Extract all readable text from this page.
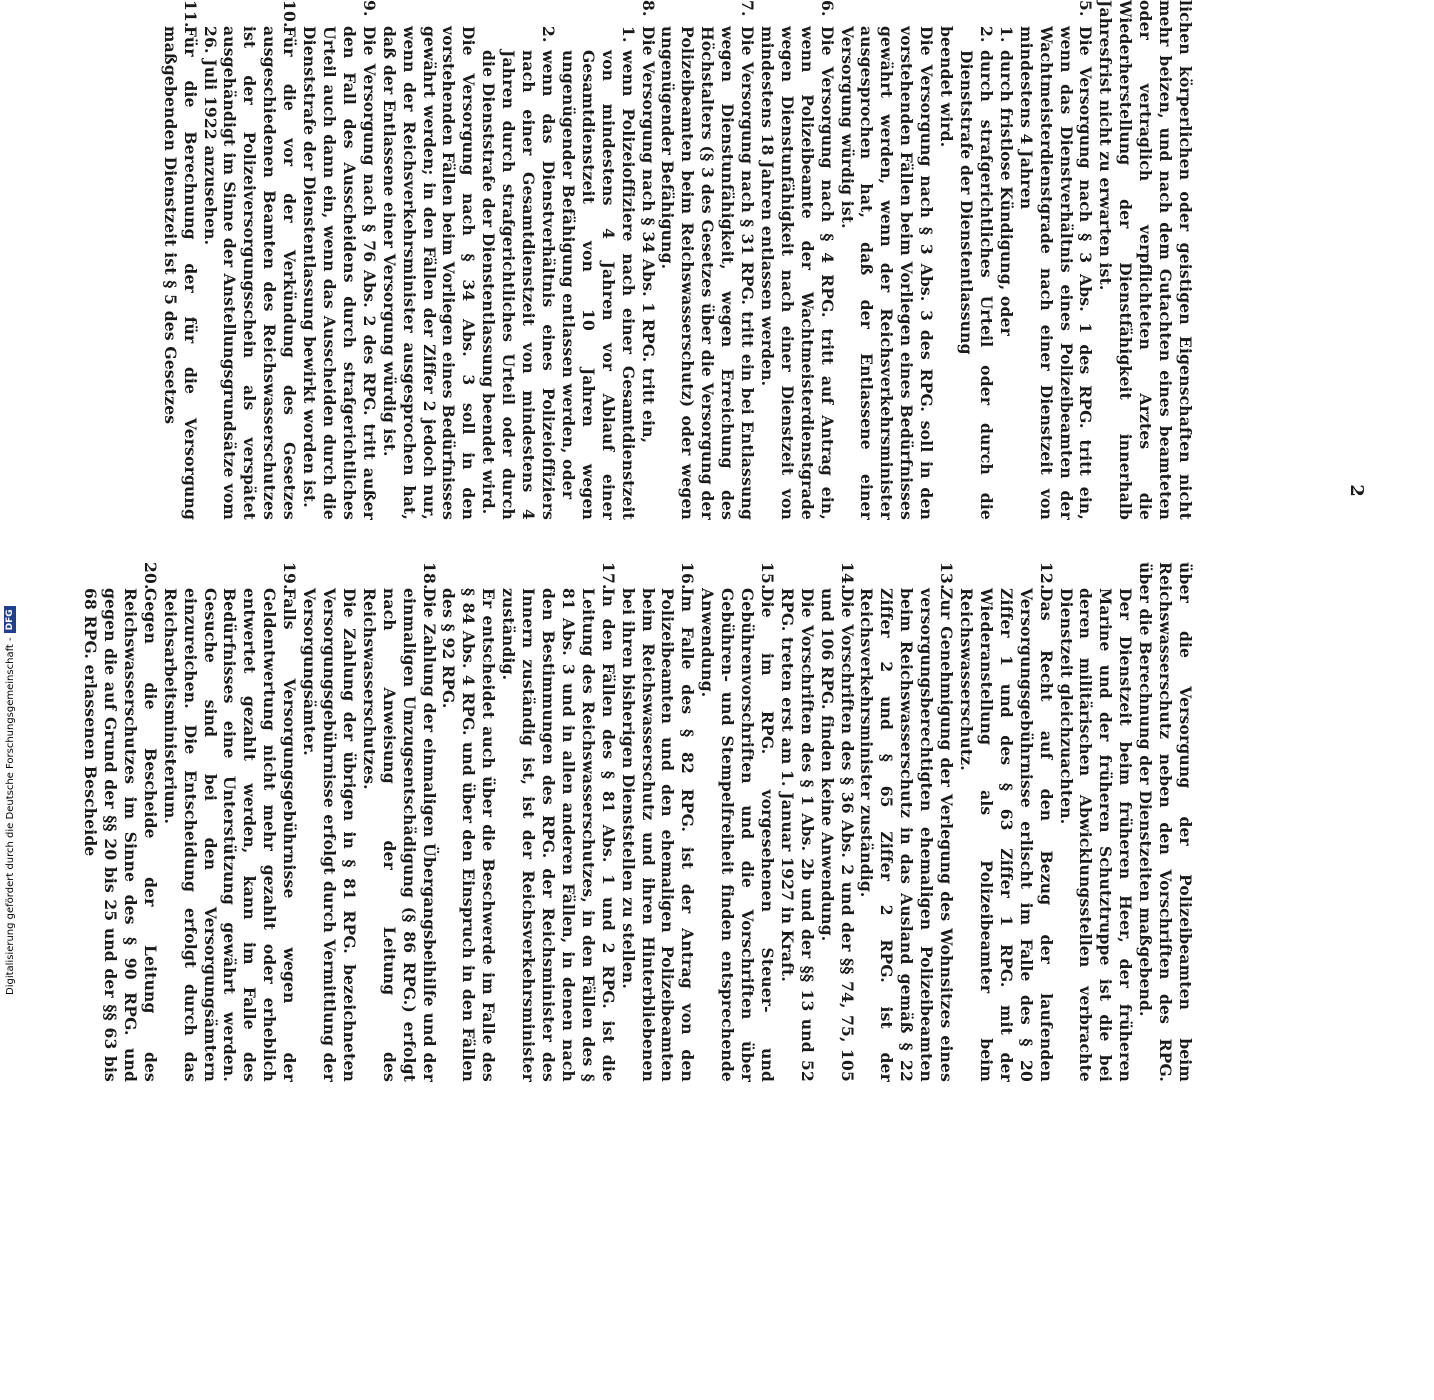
lichen körperlichen oder geistigen Eigenschaften nicht mehr beizen, und nach dem Gutachten eines beamteten oder vertraglich verpflichteten Arztes die Wiederherstellung der Dienstfähigkeit innerhalb Jahresfrist nicht zu erwarten ist.

5.
Die Versorgung nach § 3 Abs. 1 des RPG. tritt ein, wenn das Dienstverhältnis eines Polizeibeamten der Wachtmeisterdienstgrade nach einer Dienstzeit von mindestens 4 Jahren
1.
durch fristlose Kündigung, oder
2.
durch strafgerichtliches Urteil oder durch die Dienststrafe der Dienstentlassung

beendet wird.

Die Versorgung nach § 3 Abs. 3 des RPG. soll in den vorstehenden Fällen beim Vorliegen eines Bedürfnisses gewährt werden, wenn der Reichsverkehrsminister ausgesprochen hat, daß der Entlassene einer Versorgung würdig ist.

6.
Die Versorgung nach § 4 RPG. tritt auf Antrag ein, wenn Polizeibeamte der Wachtmeisterdienstgrade wegen Dienstunfähigkeit nach einer Dienstzeit von mindestens 18 Jahren entlassen werden.
7.
Die Versorgung nach § 31 RPG. tritt ein bei Entlassung wegen Dienstunfähigkeit, wegen Erreichung des Höchstalters (§ 3 des Gesetzes über die Versorgung der Polizeibeamten beim Reichswasserschutz) oder wegen ungenügender Befähigung.
8.
Die Versorgung nach § 34 Abs. 1 RPG. tritt ein,
1.
wenn Polizeioffiziere nach einer Gesamtdienstzeit von mindestens 4 Jahren vor Ablauf einer Gesamtdienstzeit von 10 Jahren wegen ungenügender Befähigung entlassen werden, oder
2.
wenn das Dienstverhältnis eines Polizeioffiziers nach einer Gesamtdienstzeit von mindestens 4 Jahren durch strafgerichtliches Urteil oder durch die Dienststrafe der Dienstentlassung beendet wird.

Die Versorgung nach § 34 Abs. 3 soll in den vorstehenden Fällen beim Vorliegen eines Bedürfnisses gewährt werden; in den Fällen der Ziffer 2 jedoch nur, wenn der Reichsverkehrsminister ausgesprochen hat, daß der Entlassene einer Versorgung würdig ist.

9.
Die Versorgung nach § 76 Abs. 2 des RPG. tritt außer den Fall des Ausscheidens durch strafgerichtliches Urteil auch dann ein, wenn das Ausscheiden durch die Dienststrafe der Dienstentlassung bewirkt worden ist.
10.
Für die vor der Verkündung des Gesetzes ausgeschiedenen Beamten des Reichswasserschutzes ist der Polizeiversorgungsschein als verspätet ausgehändigt im Sinne der Anstellungsgrundsätze vom 26. Juli 1922 anzusehen.
11.
Für die Berechnung der für die Versorgung maßgebenden Dienstzeit ist § 5 des Gesetzes

über die Versorgung der Polizeibeamten beim Reichswasserschutz neben den Vorschriften des RPG. über die Berechnung der Dienstzeiten maßgebend.

Der Dienstzeit beim früheren Heer, der früheren Marine und der früheren Schutztruppe ist die bei deren militärischen Abwicklungsstellen verbrachte Dienstzeit gleichzuachten.

12.
Das Recht auf den Bezug der laufenden Versorgungsgebührnisse erlischt im Falle des § 20 Ziffer 1 und des § 63 Ziffer 1 RPG. mit der Wiederanstellung als Polizeibeamter beim Reichswasserschutz.
13.
Zur Genehmigung der Verlegung des Wohnsitzes eines versorgungsberechtigten ehemaligen Polizeibeamten beim Reichswasserschutz in das Ausland gemäß § 22 Ziffer 2 und § 65 Ziffer 2 RPG. ist der Reichsverkehrsminister zuständig.
14.
Die Vorschriften des § 36 Abs. 2 und der §§ 74, 75, 105 und 106 RPG. finden keine Anwendung.

Die Vorschriften des § 1 Abs. 2b und der §§ 13 und 52 RPG. treten erst am 1. Januar 1927 in Kraft.

15.
Die im RPG. vorgesehenen Steuer- und Gebührenvorschriften und die Vorschriften über Gebühren- und Stempelfreiheit finden entsprechende Anwendung.
16.
Im Falle des § 82 RPG. ist der Antrag von den Polizeibeamten und den ehemaligen Polizeibeamten beim Reichswasserschutz und ihren Hinterbliebenen bei ihren bisherigen Dienststellen zu stellen.
17.
In den Fällen des § 81 Abs. 1 und 2 RPG. ist die Leitung des Reichswasserschutzes, in den Fällen des § 81 Abs. 3 und in allen anderen Fällen, in denen nach den Bestimmungen des RPG. der Reichsminister des Innern zuständig ist, ist der Reichsverkehrsminister zuständig.

Er entscheidet auch über die Beschwerde im Falle des § 84 Abs. 4 RPG. und über den Einspruch in den Fällen des § 92 RPG.

18.
Die Zahlung der einmaligen Übergangsbeihilfe und der einmaligen Umzugsentschädigung (§ 86 RPG.) erfolgt nach Anweisung der Leitung des Reichswasserschutzes.

Die Zahlung der übrigen in § 81 RPG. bezeichneten Versorgungsgebührnisse erfolgt durch Vermittlung der Versorgungsämter.

19.
Falls Versorgungsgebührnisse wegen der Geldentwertung nicht mehr gezahlt oder erheblich entwertet gezahlt werden, kann im Falle des Bedürfnisses eine Unterstützung gewährt werden. Gesuche sind bei den Versorgungsämtern einzureichen. Die Entscheidung erfolgt durch das Reichsarbeitsministerium.
20.
Gegen die Bescheide der Leitung des Reichswasserschutzes im Sinne des § 90 RPG. und gegen die auf Grund der §§ 20 bis 25 und der §§ 63 bis 68 RPG. erlassenen Bescheide
2
Digitalisierung gefördert durch die Deutsche Forschungsgemeinschaft -
DFG
